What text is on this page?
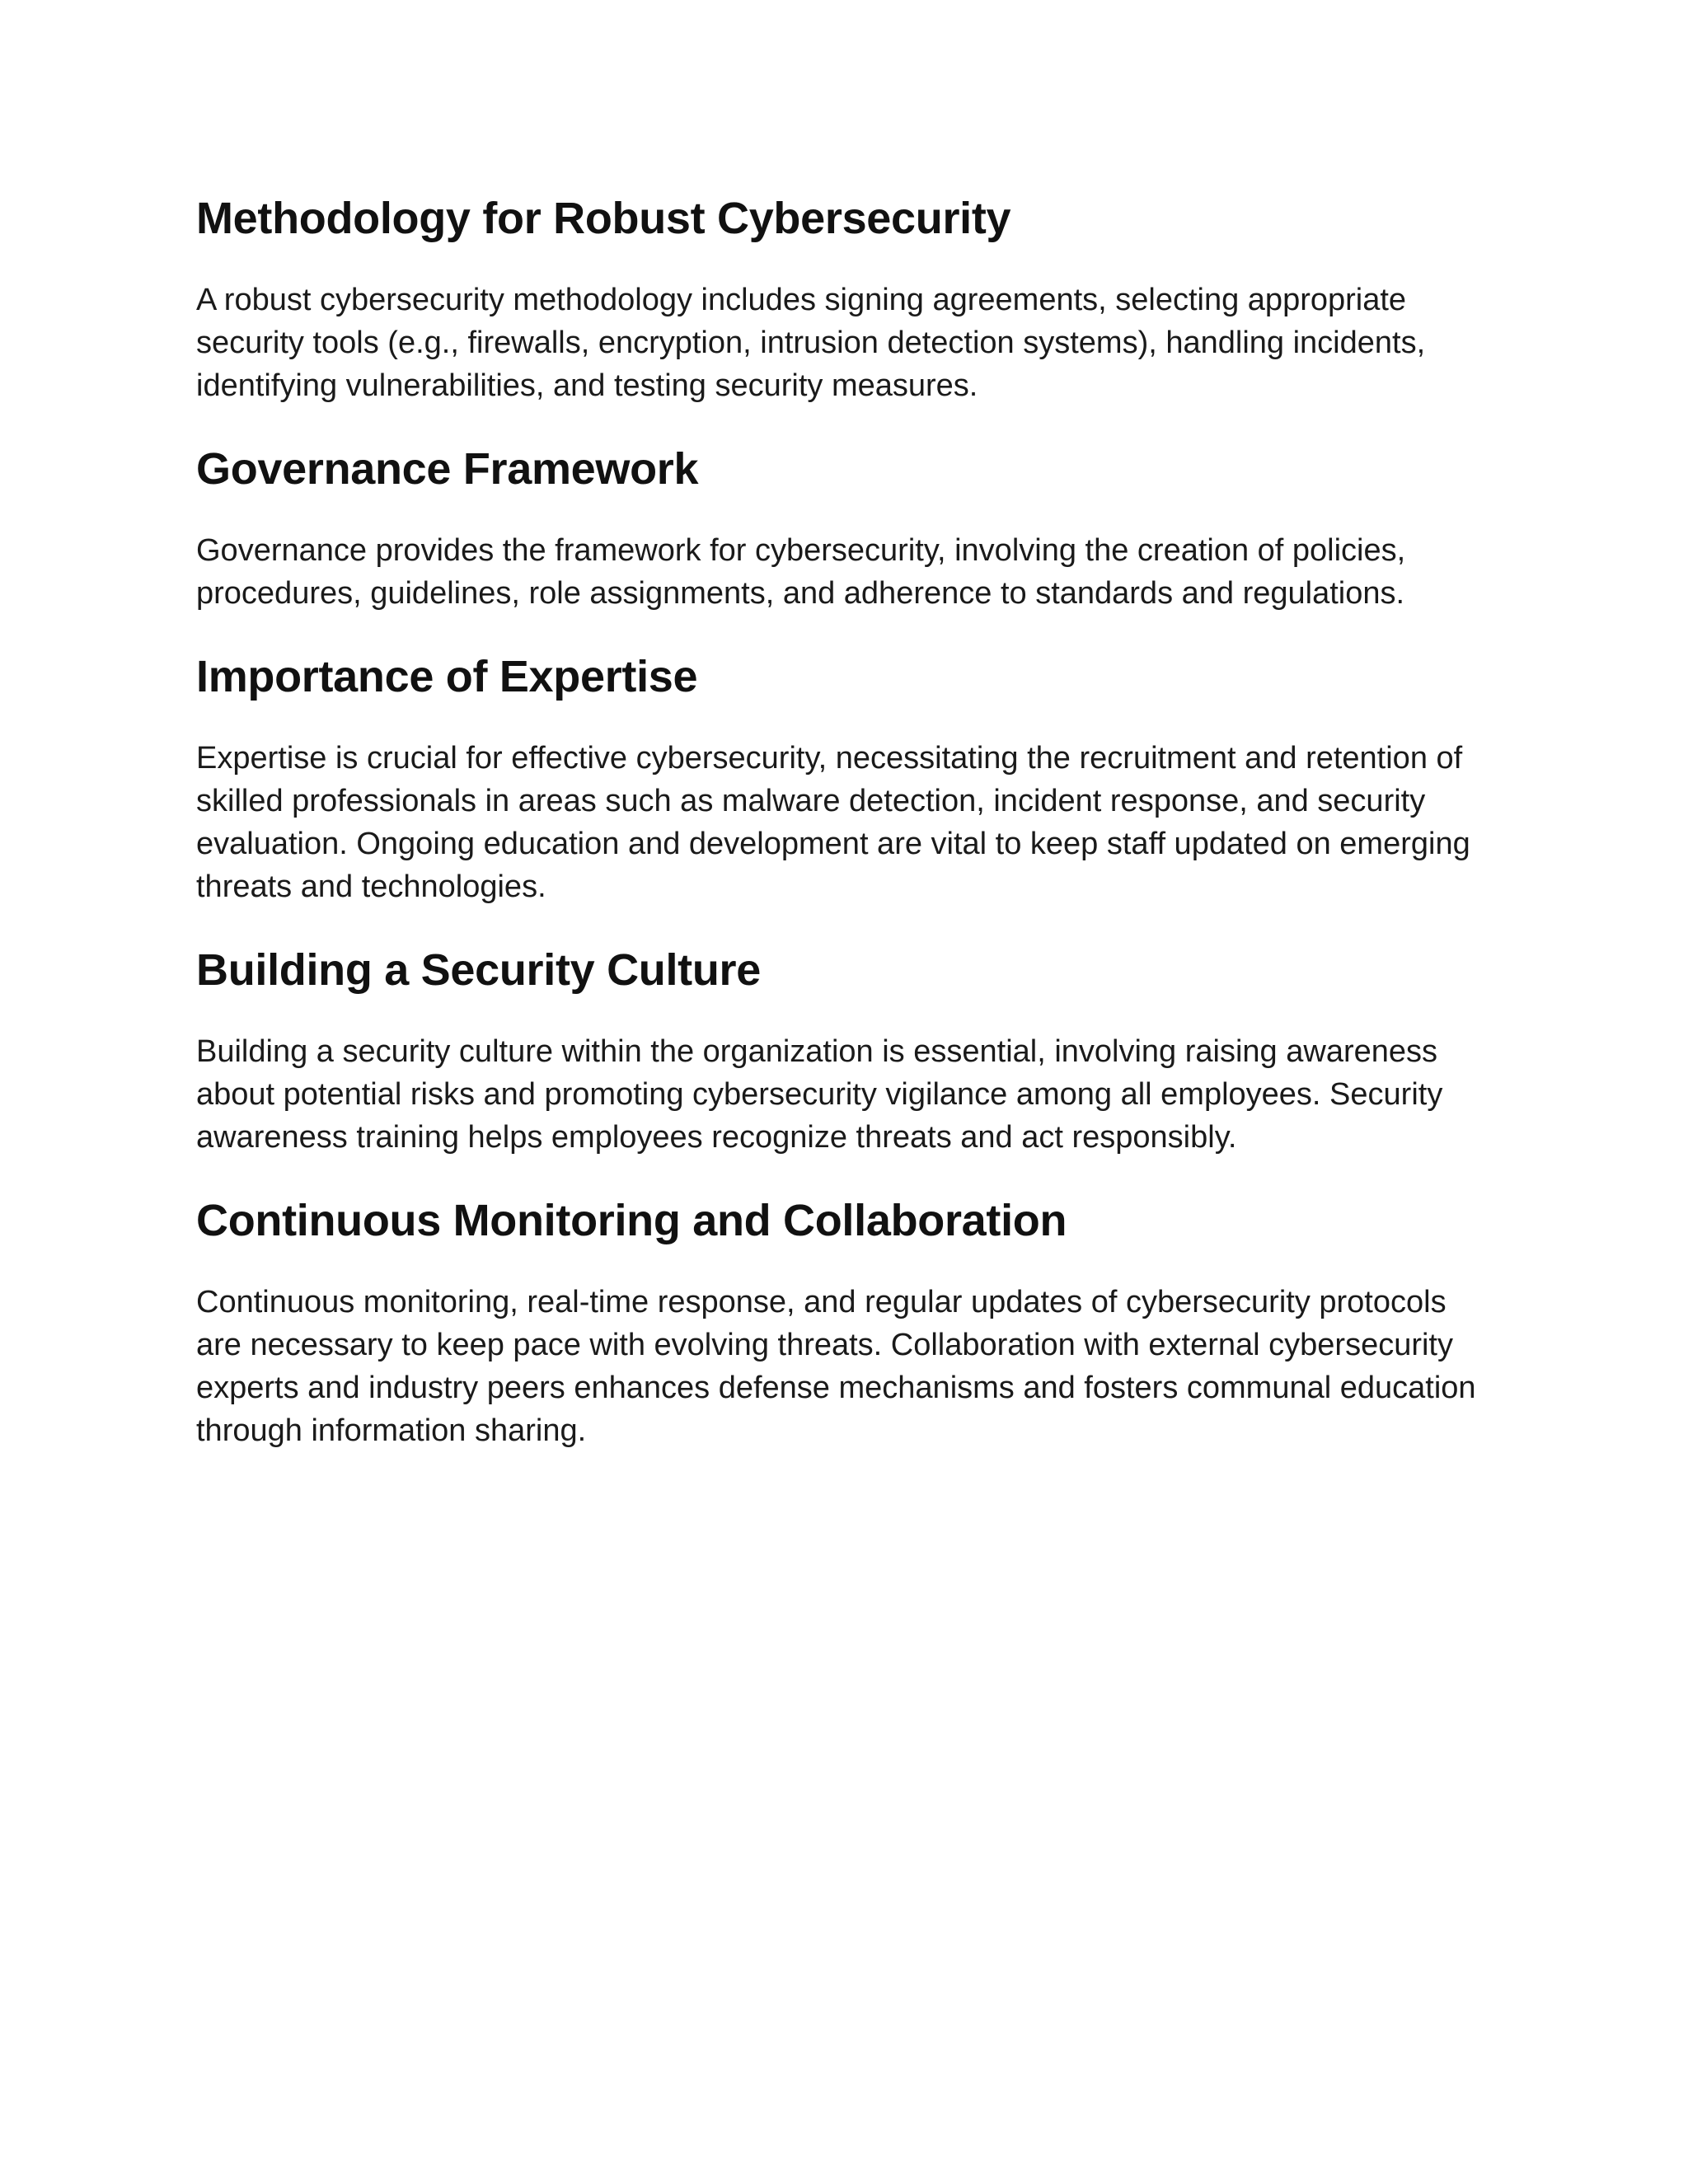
Methodology for Robust Cybersecurity

A robust cybersecurity methodology includes signing agreements, selecting appropriate security tools (e.g., firewalls, encryption, intrusion detection systems), handling incidents, identifying vulnerabilities, and testing security measures.

Governance Framework

Governance provides the framework for cybersecurity, involving the creation of policies, procedures, guidelines, role assignments, and adherence to standards and regulations.

Importance of Expertise

Expertise is crucial for effective cybersecurity, necessitating the recruitment and retention of skilled professionals in areas such as malware detection, incident response, and security evaluation. Ongoing education and development are vital to keep staff updated on emerging threats and technologies.

Building a Security Culture

Building a security culture within the organization is essential, involving raising awareness about potential risks and promoting cybersecurity vigilance among all employees. Security awareness training helps employees recognize threats and act responsibly.

Continuous Monitoring and Collaboration

Continuous monitoring, real-time response, and regular updates of cybersecurity protocols are necessary to keep pace with evolving threats. Collaboration with external cybersecurity experts and industry peers enhances defense mechanisms and fosters communal education through information sharing.
